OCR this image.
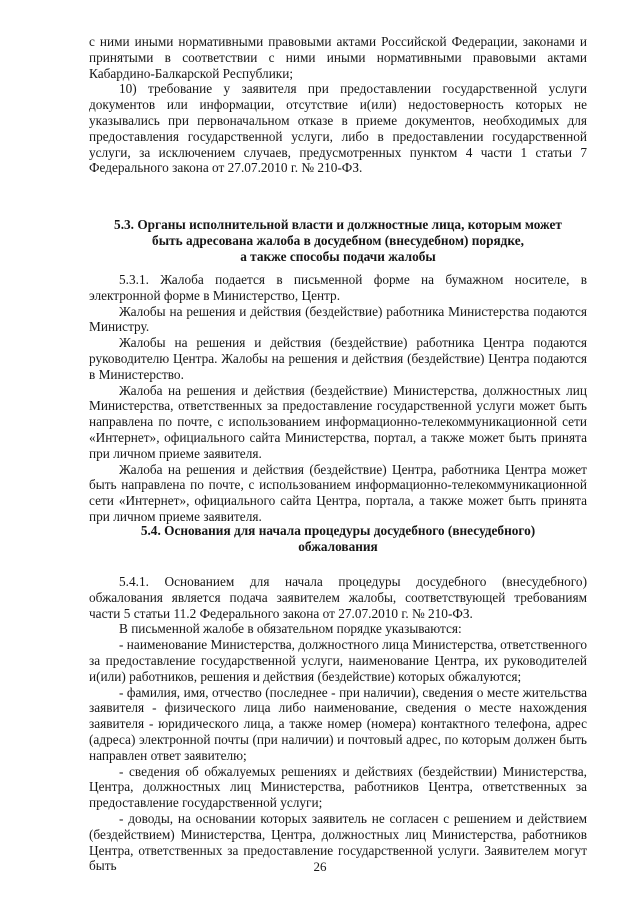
с ними иными нормативными правовыми актами Российской Федерации, законами и принятыми в соответствии с ними иными нормативными правовыми актами Кабардино-Балкарской Республики;

10) требование у заявителя при предоставлении государственной услуги документов или информации, отсутствие и(или) недостоверность которых не указывались при первоначальном отказе в приеме документов, необходимых для предоставления государственной услуги, либо в предоставлении государственной услуги, за исключением случаев, предусмотренных пунктом 4 части 1 статьи 7 Федерального закона от 27.07.2010 г. № 210-ФЗ.

5.3. Органы исполнительной власти и должностные лица, которым может
быть адресована жалоба в досудебном (внесудебном) порядке,
а также способы подачи жалобы

5.3.1. Жалоба подается в письменной форме на бумажном носителе, в электронной форме в Министерство, Центр.

Жалобы на решения и действия (бездействие) работника Министерства подаются Министру.

Жалобы на решения и действия (бездействие) работника Центра подаются руководителю Центра. Жалобы на решения и действия (бездействие) Центра подаются в Министерство.

Жалоба на решения и действия (бездействие) Министерства, должностных лиц Министерства, ответственных за предоставление государственной услуги может быть направлена по почте, с использованием информационно-телекоммуникационной сети «Интернет», официального сайта Министерства, портал, а также может быть принята при личном приеме заявителя.

Жалоба на решения и действия (бездействие) Центра, работника Центра может быть направлена по почте, с использованием информационно-телекоммуникационной сети «Интернет», официального сайта Центра, портала, а также может быть принята при личном приеме заявителя.

5.4. Основания для начала процедуры досудебного (внесудебного)
обжалования

5.4.1. Основанием для начала процедуры досудебного (внесудебного) обжалования является подача заявителем жалобы, соответствующей требованиям части 5 статьи 11.2 Федерального закона от 27.07.2010 г. № 210-ФЗ.

В письменной жалобе в обязательном порядке указываются:

- наименование Министерства, должностного лица Министерства, ответственного за предоставление государственной услуги, наименование Центра, их руководителей и(или) работников, решения и действия (бездействие) которых обжалуются;

- фамилия, имя, отчество (последнее - при наличии), сведения о месте жительства заявителя - физического лица либо наименование, сведения о месте нахождения заявителя - юридического лица, а также номер (номера) контактного телефона, адрес (адреса) электронной почты (при наличии) и почтовый адрес, по которым должен быть направлен ответ заявителю;

- сведения об обжалуемых решениях и действиях (бездействии) Министерства, Центра, должностных лиц Министерства, работников Центра, ответственных за предоставление государственной услуги;

- доводы, на основании которых заявитель не согласен с решением и действием (бездействием) Министерства, Центра, должностных лиц Министерства, работников Центра, ответственных за предоставление государственной услуги. Заявителем могут быть	26
